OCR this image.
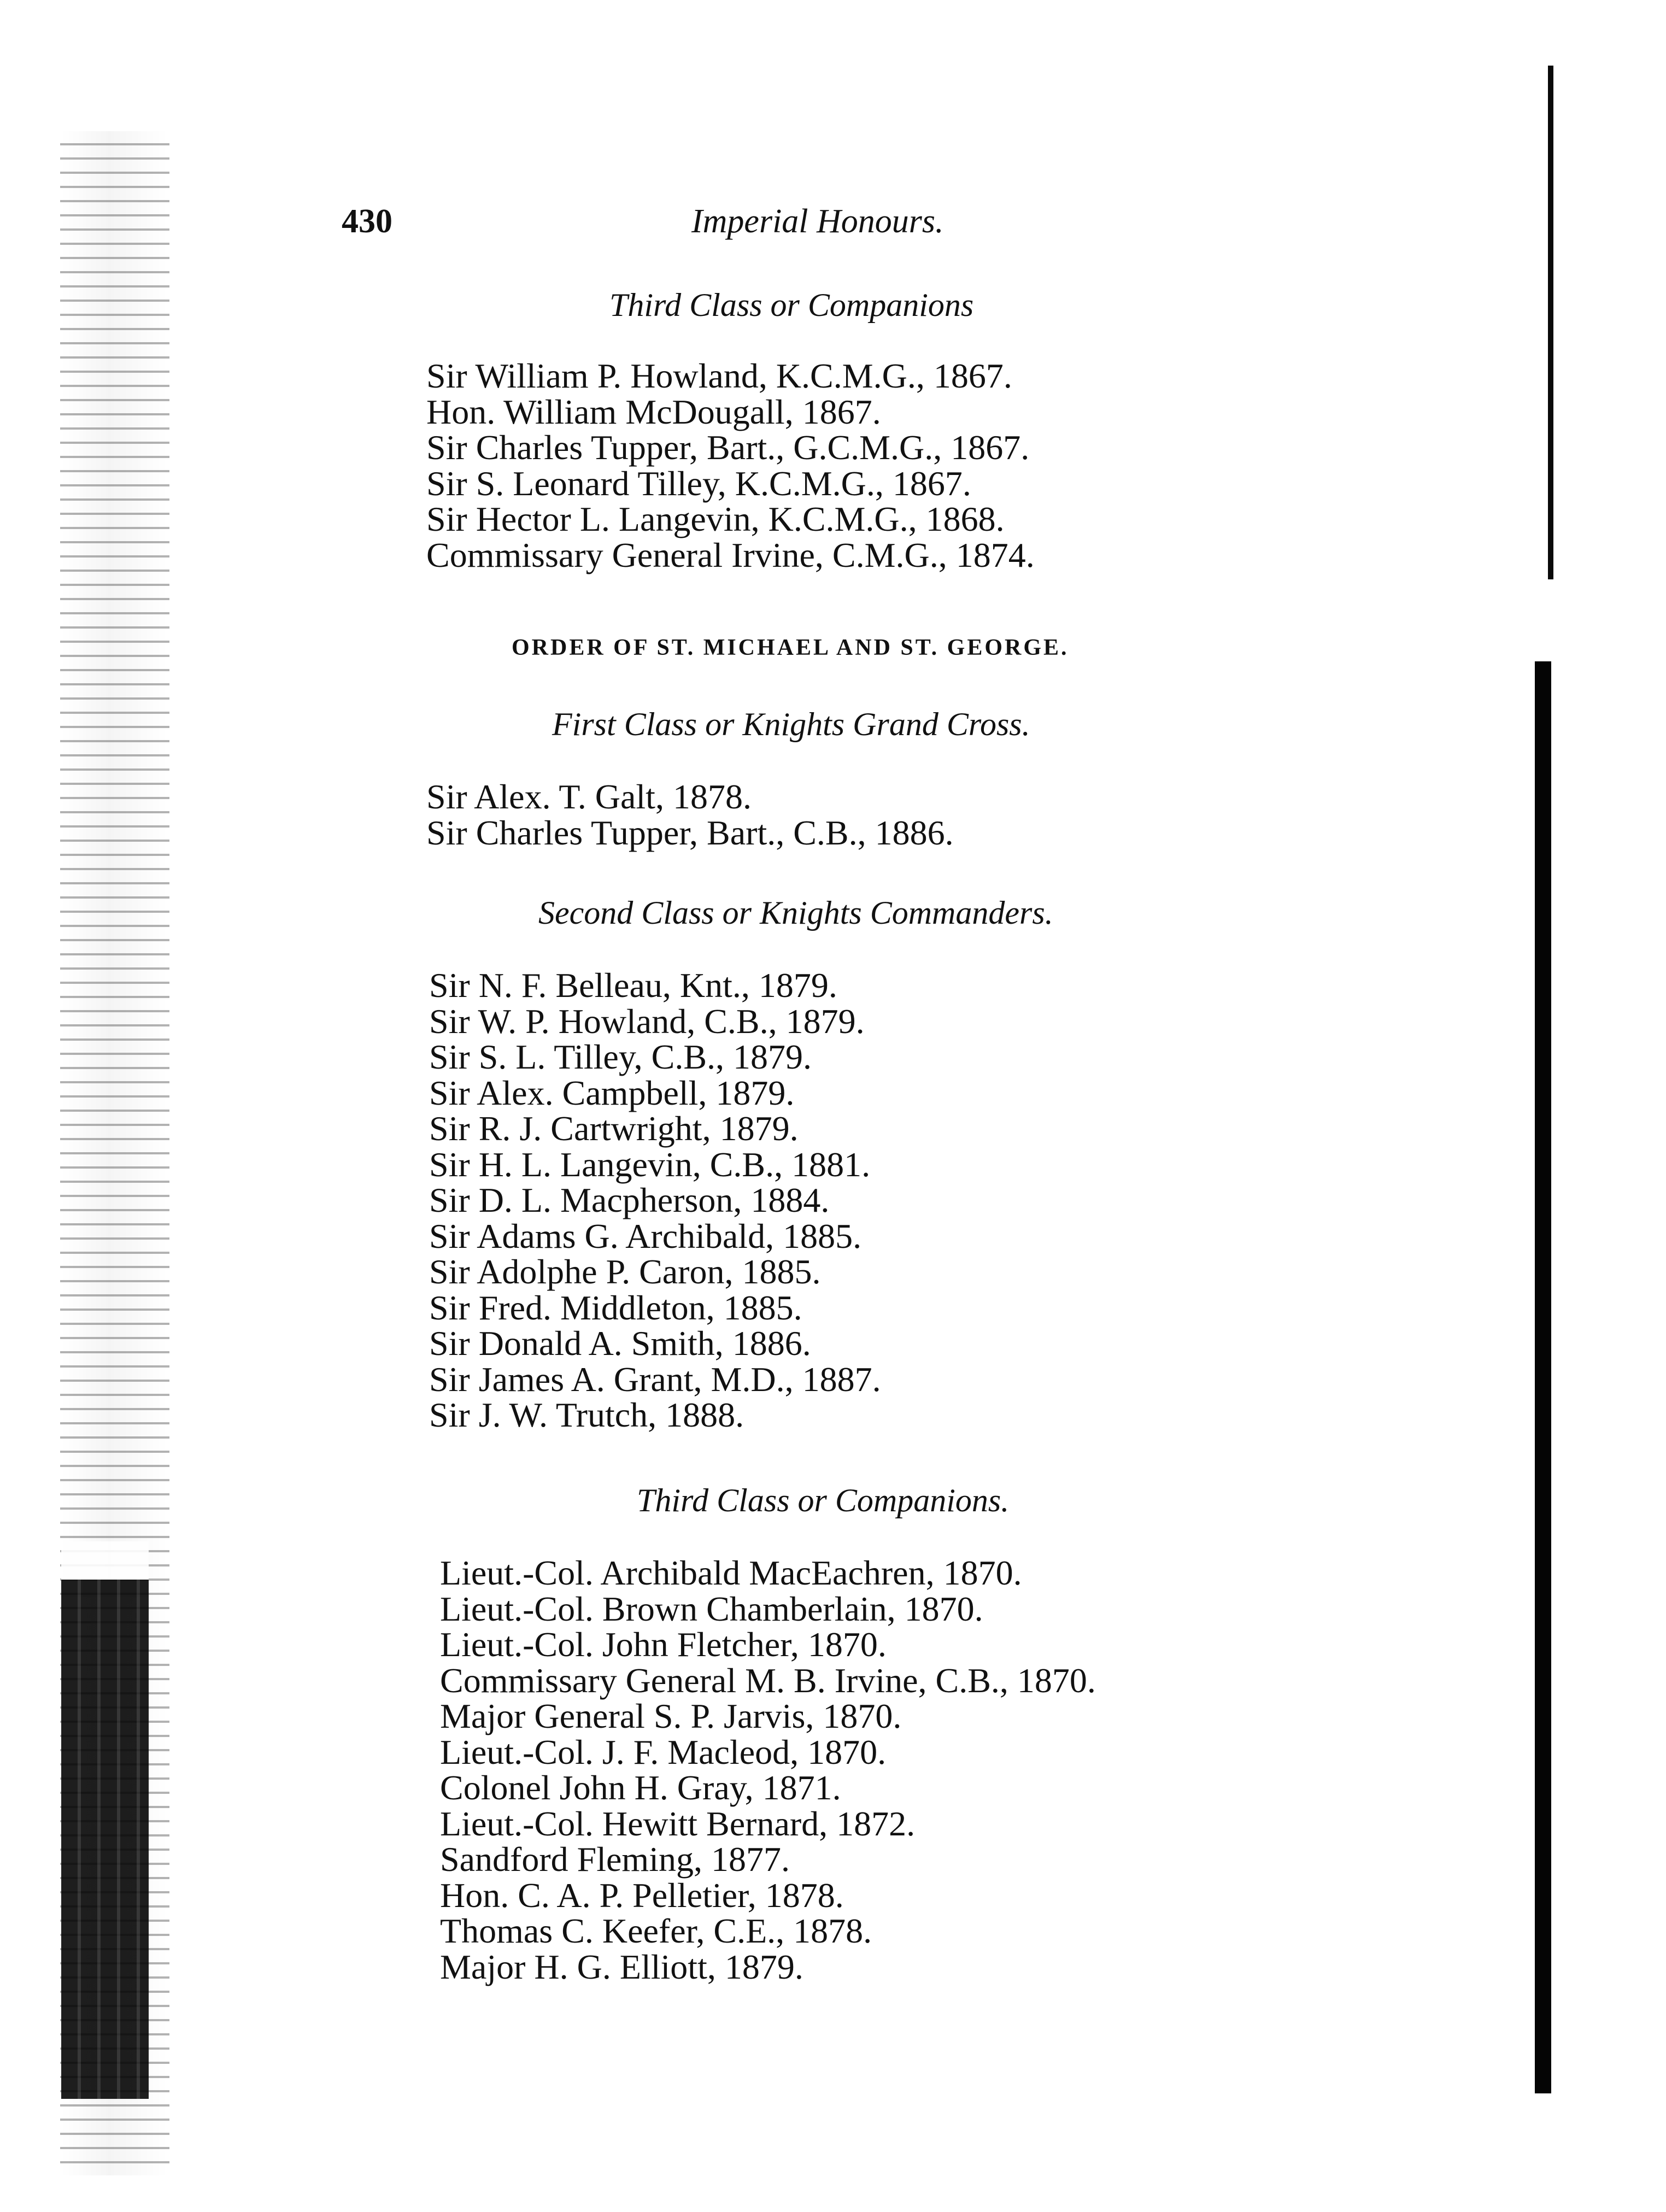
430	Imperial Honours.
Third Class or Companions
Sir William P. Howland, K.C.M.G., 1867.
Hon. William McDougall, 1867.
Sir Charles Tupper, Bart., G.C.M.G., 1867.
Sir S. Leonard Tilley, K.C.M.G., 1867.
Sir Hector L. Langevin, K.C.M.G., 1868.
Commissary General Irvine, C.M.G., 1874.
ORDER OF ST. MICHAEL AND ST. GEORGE.
First Class or Knights Grand Cross.
Sir Alex. T. Galt, 1878.
Sir Charles Tupper, Bart., C.B., 1886.
Second Class or Knights Commanders.
Sir N. F. Belleau, Knt., 1879.
Sir W. P. Howland, C.B., 1879.
Sir S. L. Tilley, C.B., 1879.
Sir Alex. Campbell, 1879.
Sir R. J. Cartwright, 1879.
Sir H. L. Langevin, C.B., 1881.
Sir D. L. Macpherson, 1884.
Sir Adams G. Archibald, 1885.
Sir Adolphe P. Caron, 1885.
Sir Fred. Middleton, 1885.
Sir Donald A. Smith, 1886.
Sir James A. Grant, M.D., 1887.
Sir J. W. Trutch, 1888.
Third Class or Companions.
Lieut.-Col. Archibald MacEachren, 1870.
Lieut.-Col. Brown Chamberlain, 1870.
Lieut.-Col. John Fletcher, 1870.
Commissary General M. B. Irvine, C.B., 1870.
Major General S. P. Jarvis, 1870.
Lieut.-Col. J. F. Macleod, 1870.
Colonel John H. Gray, 1871.
Lieut.-Col. Hewitt Bernard, 1872.
Sandford Fleming, 1877.
Hon. C. A. P. Pelletier, 1878.
Thomas C. Keefer, C.E., 1878.
Major H. G. Elliott, 1879.
